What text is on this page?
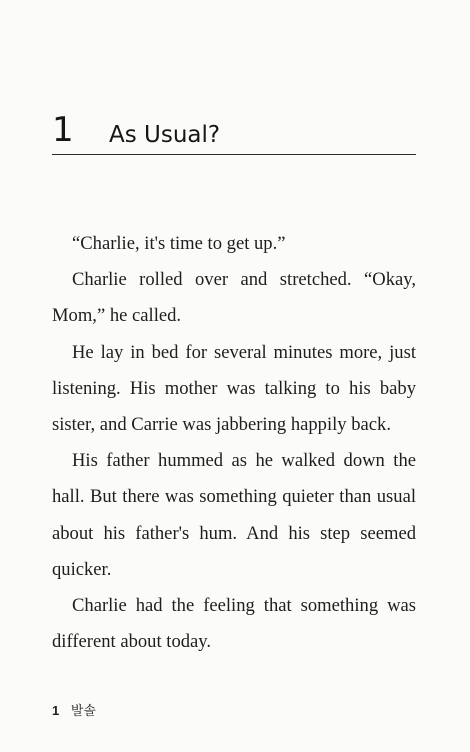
1 As Usual?

“Charlie, it's time to get up.”

Charlie rolled over and stretched. “Okay, Mom,” he called.

He lay in bed for several minutes more, just listening. His mother was talking to his baby sister, and Carrie was jabbering happily back.

His father hummed as he walked down the hall. But there was something quieter than usual about his father's hum. And his step seemed quicker.

Charlie had the feeling that something was different about today.

1 발솔
